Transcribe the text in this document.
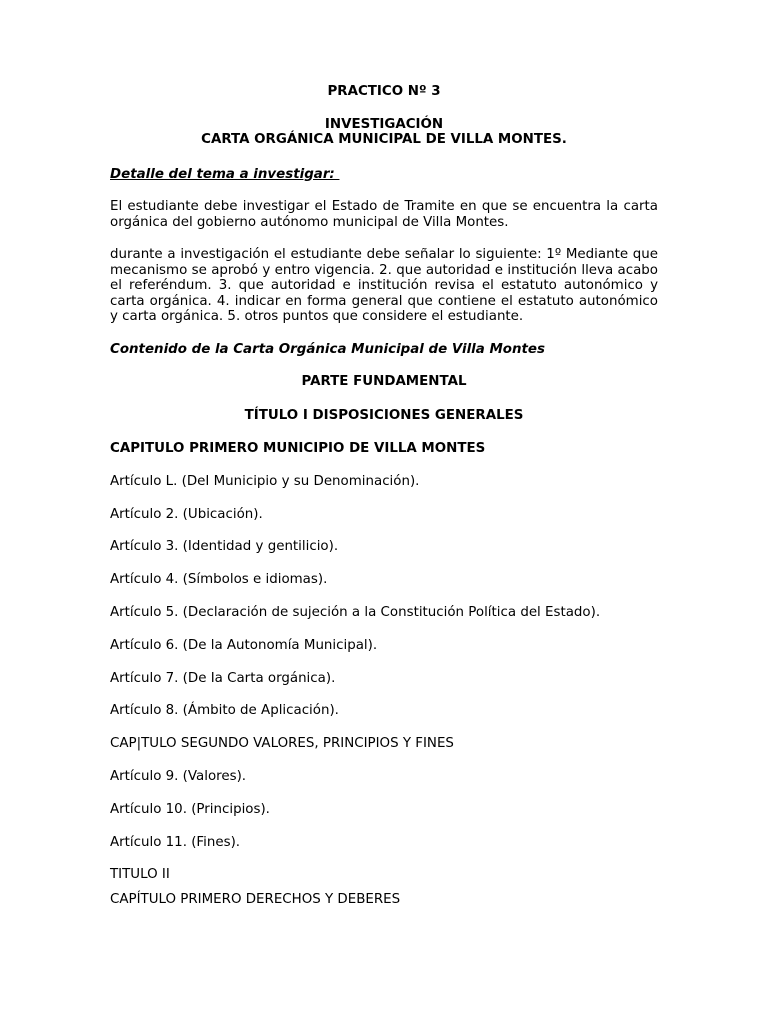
PRACTICO Nº 3

INVESTIGACIÓN

CARTA ORGÁNICA MUNICIPAL DE VILLA MONTES.

Detalle del tema a investigar:

El estudiante debe investigar el Estado de Tramite en que se encuentra la carta orgánica del gobierno autónomo municipal de Villa Montes.

durante a investigación el estudiante debe señalar lo siguiente: 1º Mediante que mecanismo se aprobó y entro vigencia. 2. que autoridad e institución lleva acabo el referéndum. 3. que autoridad e institución revisa el estatuto autonómico y carta orgánica. 4. indicar en forma general que contiene el estatuto autonómico y carta orgánica. 5. otros puntos que considere el estudiante.

Contenido de la Carta Orgánica Municipal de Villa Montes

PARTE FUNDAMENTAL

TÍTULO I DISPOSICIONES GENERALES

CAPITULO PRIMERO MUNICIPIO DE VILLA MONTES

Artículo L. (DeI Municipio y su Denominación).

Artículo 2. (Ubicación).

Artículo 3. (Identidad y gentilicio).

Artículo 4. (Símbolos e idiomas).

Artículo 5. (Declaración de sujeción a la Constitución Política del Estado).

Artículo 6. (De la Autonomía Municipal).

Artículo 7. (De Ia Carta orgánica).

Artículo 8. (Ámbito de Aplicación).

CAP|TULO SEGUNDO VALORES, PRINCIPIOS Y FINES

Artículo 9. (Valores).

Artículo 10. (Principios).

Artículo 11. (Fines).

TITULO II

CAPÍTULO PRIMERO DERECHOS Y DEBERES
